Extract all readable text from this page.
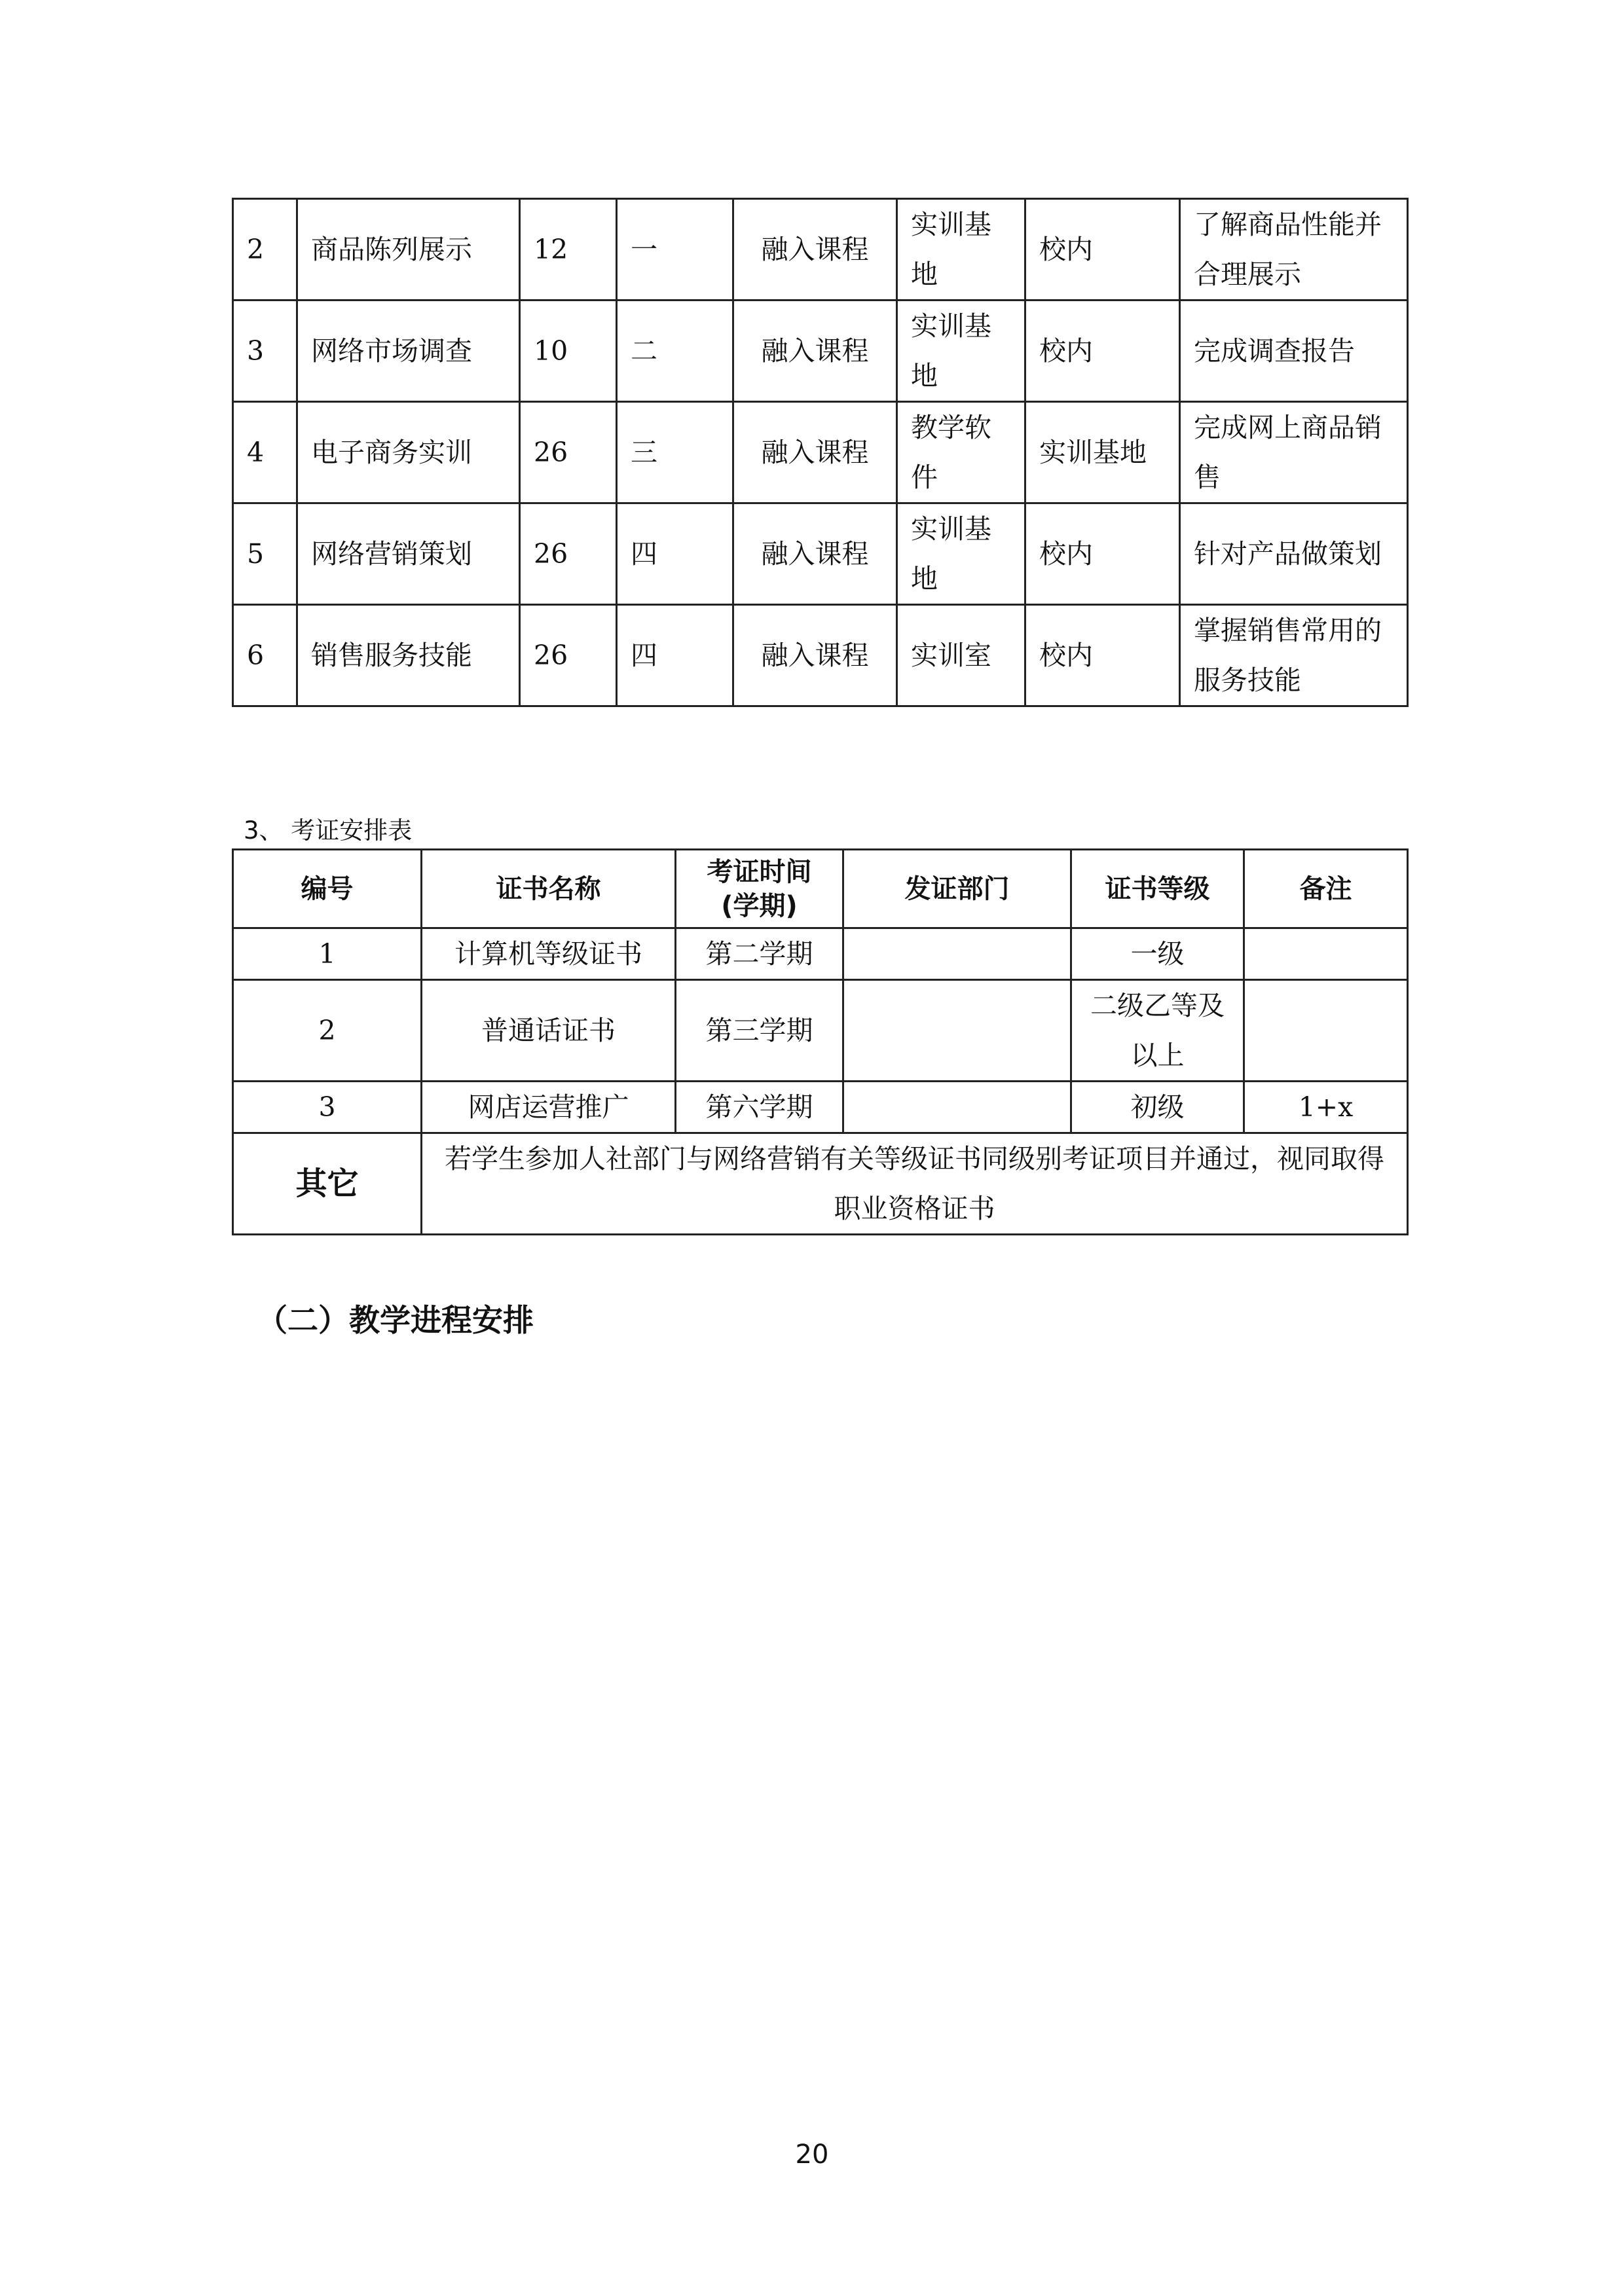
2	商品陈列展示	12	一	融入课程	实训基地	校内	了解商品性能并合理展示
3	网络市场调查	10	二	融入课程	实训基地	校内	完成调查报告
4	电子商务实训	26	三	融入课程	教学软件	实训基地	完成网上商品销售
5	网络营销策划	26	四	融入课程	实训基地	校内	针对产品做策划
6	销售服务技能	26	四	融入课程	实训室	校内	掌握销售常用的服务技能
3、 考证安排表
编号	证书名称	考证时间(学期)	发证部门	证书等级	备注
1	计算机等级证书	第二学期		一级	
2	普通话证书	第三学期		二级乙等及以上	
3	网店运营推广	第六学期		初级	1+x
其它	若学生参加人社部门与网络营销有关等级证书同级别考证项目并通过，视同取得职业资格证书				
（二）教学进程安排
20
